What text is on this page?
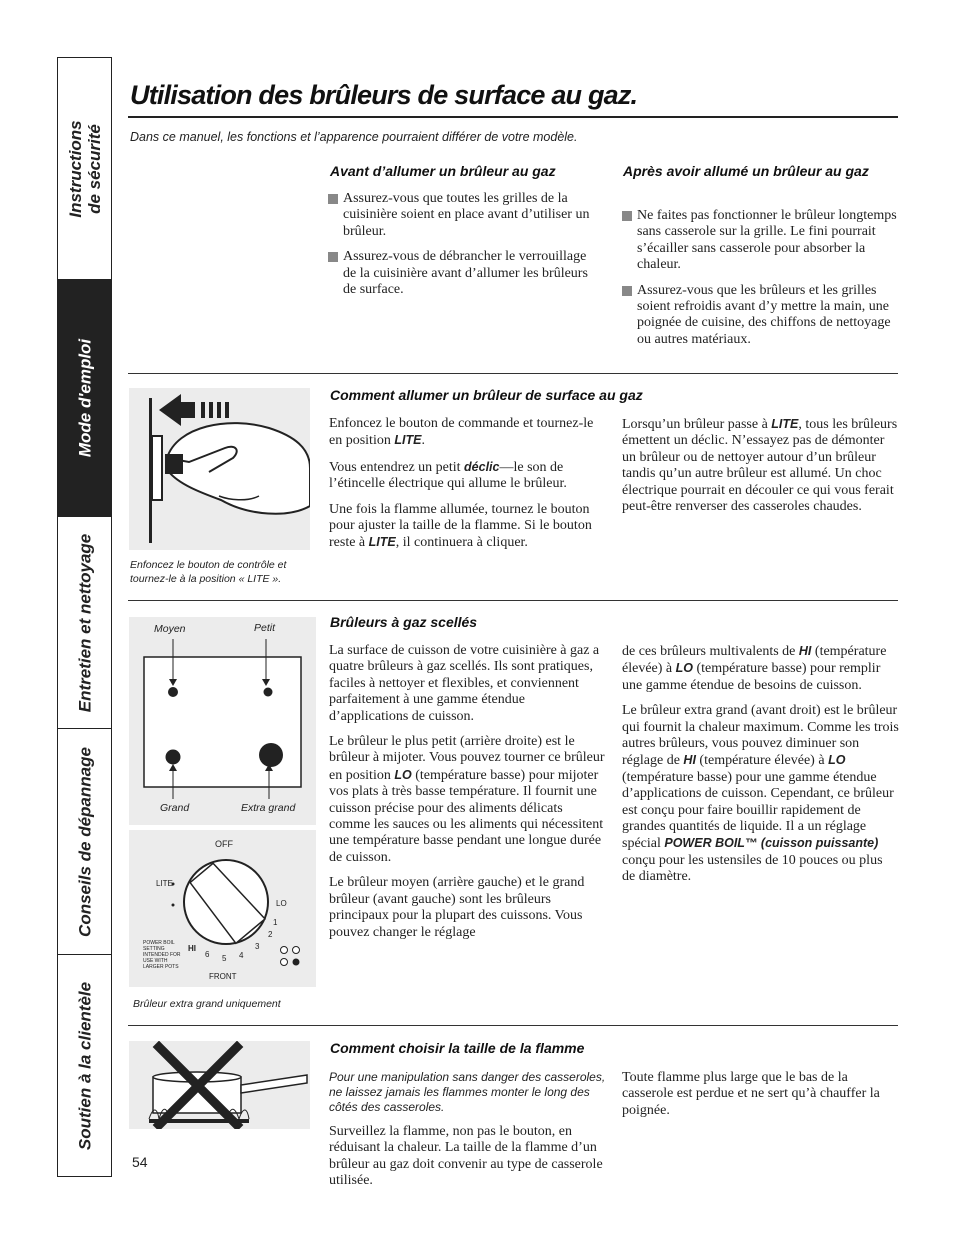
Instructions
de sécurité
Mode d'emploi
Entretien et nettoyage
Conseils de dépannage
Soutien à la clientèle
Utilisation des brûleurs de surface au gaz.
Dans ce manuel, les fonctions et l’apparence pourraient différer de votre modèle.
Avant d’allumer un brûleur au gaz
Assurez-vous que toutes les grilles de la cuisinière soient en place avant d’utiliser un brûleur.
Assurez-vous de débrancher le verrouillage de la cuisinière avant d’allumer les brûleurs de surface.
Après avoir allumé un brûleur au gaz
Ne faites pas fonctionner le brûleur longtemps sans casserole sur la grille. Le fini pourrait s’écailler sans casserole pour absorber la chaleur.
Assurez-vous que les brûleurs et les grilles soient refroidis avant d’y mettre la main, une poignée de cuisine, des chiffons de nettoyage ou autres matériaux.
Enfoncez le bouton de contrôle et tournez-le à la position « LITE ».
Comment allumer un brûleur de surface au gaz

Enfoncez le bouton de commande et tournez-le en position LITE.

Vous entendrez un petit déclic—le son de l’étincelle électrique qui allume le brûleur.

Une fois la flamme allumée, tournez le bouton pour ajuster la taille de la flamme. Si le bouton reste à LITE, il continuera à cliquer.

Lorsqu’un brûleur passe à LITE, tous les brûleurs émettent un déclic. N’essayez pas de démonter un brûleur ou de nettoyer autour d’un brûleur tandis qu’un autre brûleur est allumé. Un choc électrique pourrait en découler ce qui vous ferait peut-être renverser des casseroles chaudes.

Moyen	Petit
Grand	Extra grand
OFF
LITE
LO
1
2
3
4
5
6
HI
FRONT
POWER BOIL SETTING INTENDED FOR USE WITH LARGER POTS
Brûleur extra grand uniquement
Brûleurs à gaz scellés

La surface de cuisson de votre cuisinière à gaz a quatre brûleurs à gaz scellés. Ils sont pratiques, faciles à nettoyer et flexibles, et conviennent parfaitement à une gamme étendue d’applications de cuisson.

Le brûleur le plus petit (arrière droite) est le brûleur à mijoter. Vous pouvez tourner ce brûleur en position LO (température basse) pour mijoter vos plats à très basse température. Il fournit une cuisson précise pour des aliments délicats comme les sauces ou les aliments qui nécessitent une température basse pendant une longue durée de cuisson.

Le brûleur moyen (arrière gauche) et le grand brûleur (avant gauche) sont les brûleurs principaux pour la plupart des cuissons. Vous pouvez changer le réglage

de ces brûleurs multivalents de HI (température élevée) à LO (température basse) pour remplir une gamme étendue de besoins de cuisson.

Le brûleur extra grand (avant droit) est le brûleur qui fournit la chaleur maximum. Comme les trois autres brûleurs, vous pouvez diminuer son réglage de HI (température élevée) à LO (température basse) pour une gamme étendue d’applications de cuisson. Cependant, ce brûleur est conçu pour faire bouillir rapidement de grandes quantités de liquide. Il a un réglage spécial POWER BOIL™ (cuisson puissante) conçu pour les ustensiles de 10 pouces ou plus de diamètre.

Comment choisir la taille de la flamme

Pour une manipulation sans danger des casseroles, ne laissez jamais les flammes monter le long des côtés des casseroles.

Surveillez la flamme, non pas le bouton, en réduisant la chaleur. La taille de la flamme d’un brûleur au gaz doit convenir au type de casserole utilisée.

Toute flamme plus large que le bas de la casserole est perdue et ne sert qu’à chauffer la poignée.

54
